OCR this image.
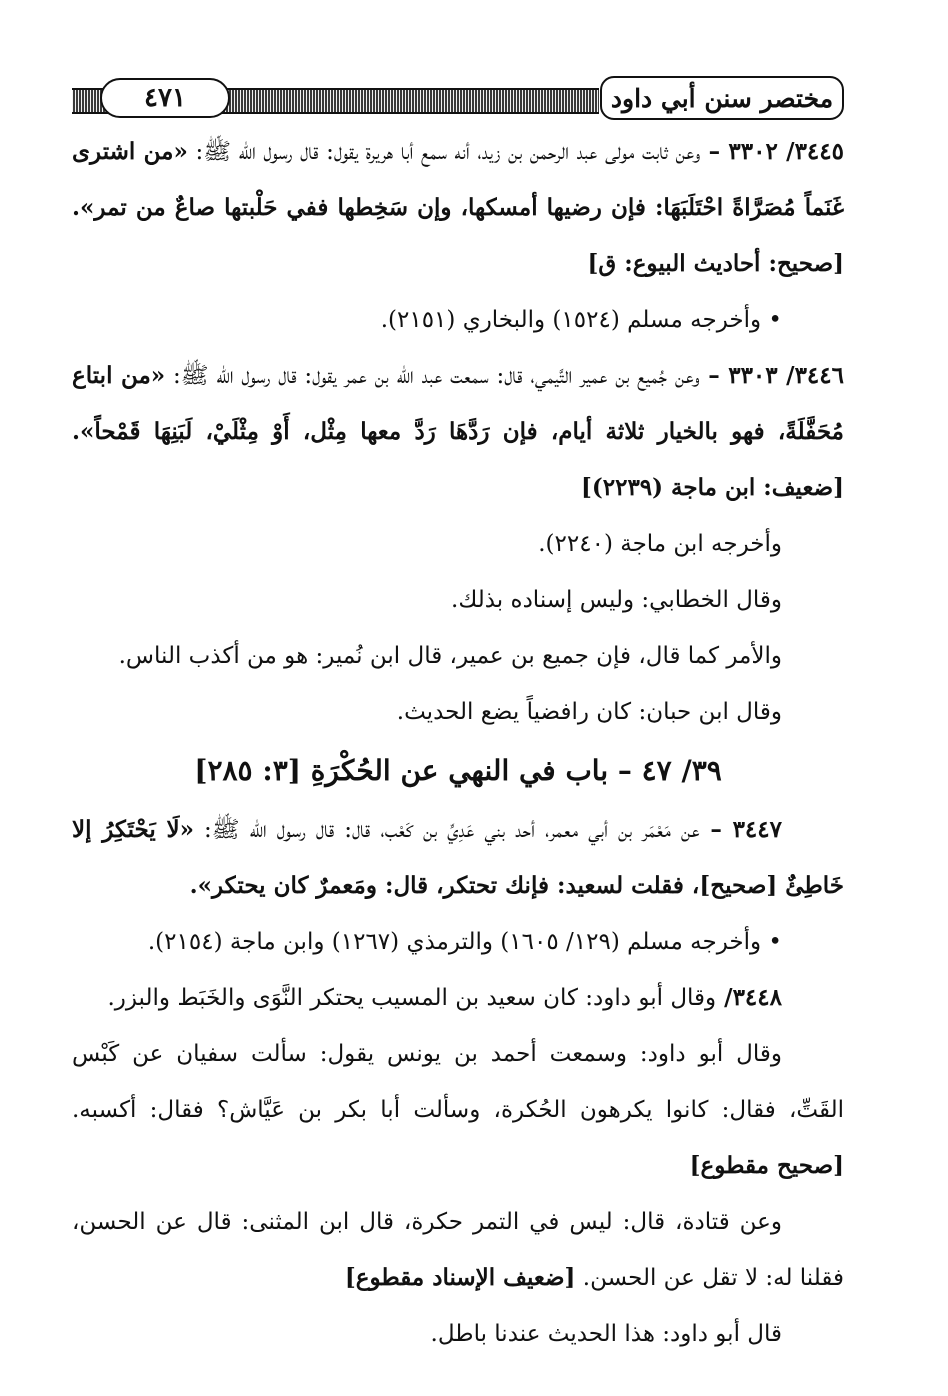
٤٧١	مختصر سنن أبي داود

٣٤٤٥/ ٣٣٠٢ – وعن ثابت مولى عبد الرحمن بن زيد، أنه سمع أبا هريرة يقول: قال رسول الله ﷺ: «من اشترى غَنَماً مُصَرَّاةً احْتَلَبَهَا: فإن رضيها أمسكها، وإن سَخِطها ففي حَلْبتها صاعٌ من تمر». [صحيح: أحاديث البيوع: ق]

• وأخرجه مسلم (١٥٢٤) والبخاري (٢١٥١).

٣٤٤٦/ ٣٣٠٣ – وعن جُميع بن عمير التَّيمي، قال: سمعت عبد الله بن عمر يقول: قال رسول الله ﷺ: «من ابتاع مُحَفَّلَةً، فهو بالخيار ثلاثة أيام، فإن رَدَّهَا رَدَّ معها مِثْل، أَوْ مِثْلَيْ، لَبَنِهَا قَمْحاً». [ضعيف: ابن ماجة (٢٢٣٩)]

وأخرجه ابن ماجة (٢٢٤٠).

وقال الخطابي: وليس إسناده بذلك.

والأمر كما قال، فإن جميع بن عمير، قال ابن نُمير: هو من أكذب الناس.

وقال ابن حبان: كان رافضياً يضع الحديث.

٣٩/ ٤٧ – باب في النهي عن الحُكْرَةِ [٣: ٢٨٥]

٣٤٤٧ – عن مَعْمَر بن أبي معمر، أحد بني عَدِيِّ بن كَعْب، قال: قال رسول الله ﷺ: «لَا يَحْتَكِرُ إلا خَاطِئٌ [صحيح]، فقلت لسعيد: فإنك تحتكر، قال: ومَعمرٌ كان يحتكر».

• وأخرجه مسلم (١٢٩/ ١٦٠٥) والترمذي (١٢٦٧) وابن ماجة (٢١٥٤).

٣٤٤٨/ وقال أبو داود: كان سعيد بن المسيب يحتكر النَّوَى والخَبَط والبزر.

وقال أبو داود: وسمعت أحمد بن يونس يقول: سألت سفيان عن كَبْس القَتِّ، فقال: كانوا يكرهون الحُكرة، وسألت أبا بكر بن عَيَّاش؟ فقال: أكسبه. [صحيح مقطوع]

وعن قتادة، قال: ليس في التمر حكرة، قال ابن المثنى: قال عن الحسن، فقلنا له: لا تقل عن الحسن. [ضعيف الإسناد مقطوع]

قال أبو داود: هذا الحديث عندنا باطل.
